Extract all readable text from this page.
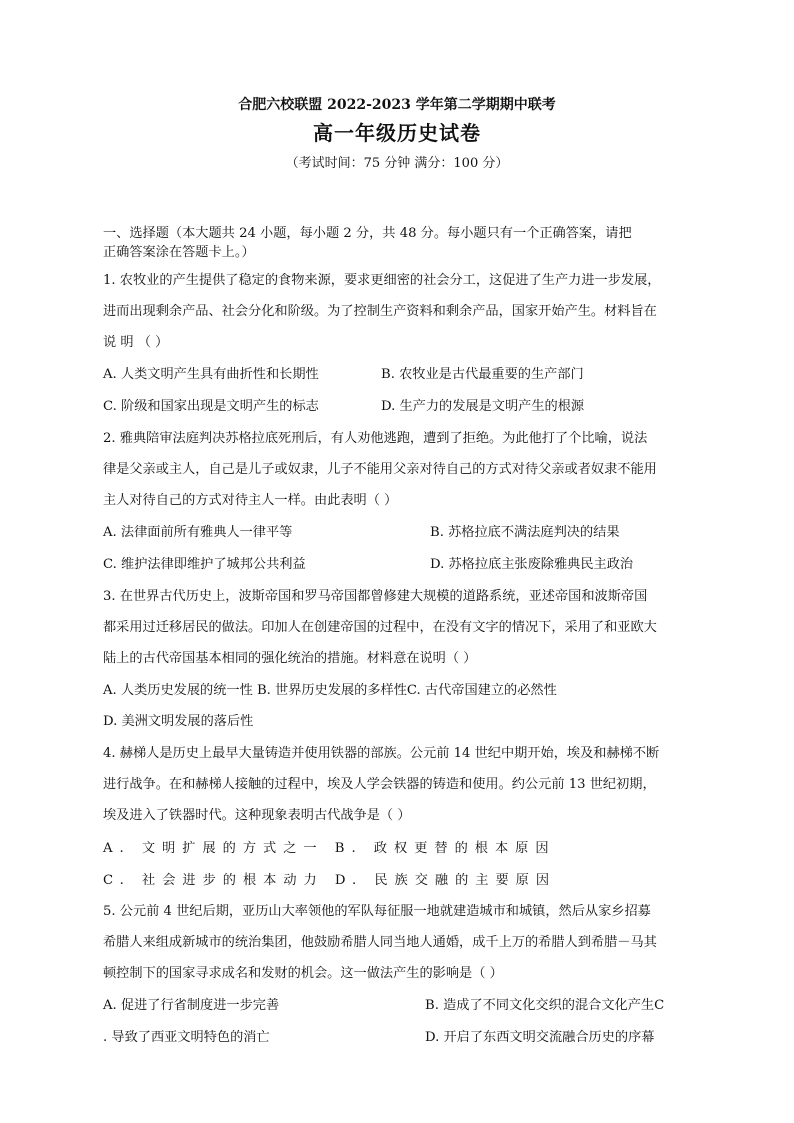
合肥六校联盟 2022-2023 学年第二学期期中联考
高一年级历史试卷
（考试时间：75 分钟 满分：100 分）
一、选择题（本大题共 24 小题，每小题 2 分，共 48 分。每小题只有一个正确答案，请把
正确答案涂在答题卡上。）
1. 农牧业的产生提供了稳定的食物来源，要求更细密的社会分工，这促进了生产力进一步发展，
进而出现剩余产品、社会分化和阶级。为了控制生产资料和剩余产品，国家开始产生。材料旨在
说 明 （ ）
A. 人类文明产生具有曲折性和长期性	B. 农牧业是古代最重要的生产部门
C. 阶级和国家出现是文明产生的标志	D. 生产力的发展是文明产生的根源
2. 雅典陪审法庭判决苏格拉底死刑后，有人劝他逃跑，遭到了拒绝。为此他打了个比喻，说法
律是父亲或主人，自己是儿子或奴隶，儿子不能用父亲对待自己的方式对待父亲或者奴隶不能用
主人对待自己的方式对待主人一样。由此表明（ ）
A. 法律面前所有雅典人一律平等	B. 苏格拉底不满法庭判决的结果
C. 维护法律即维护了城邦公共利益	D. 苏格拉底主张废除雅典民主政治
3. 在世界古代历史上，波斯帝国和罗马帝国都曾修建大规模的道路系统，亚述帝国和波斯帝国
都采用过迁移居民的做法。印加人在创建帝国的过程中，在没有文字的情况下，采用了和亚欧大
陆上的古代帝国基本相同的强化统治的措施。材料意在说明（ ）
A. 人类历史发展的统一性 B. 世界历史发展的多样性C. 古代帝国建立的必然性
D. 美洲文明发展的落后性
4. 赫梯人是历史上最早大量铸造并使用铁器的部族。公元前 14 世纪中期开始，埃及和赫梯不断
进行战争。在和赫梯人接触的过程中，埃及人学会铁器的铸造和使用。约公元前 13 世纪初期，
埃及进入了铁器时代。这种现象表明古代战争是（ ）
A. 文明扩展的方式之一 B. 政权更替的根本原因
C. 社会进步的根本动力 D. 民族交融的主要原因
5. 公元前 4 世纪后期，亚历山大率领他的军队每征服一地就建造城市和城镇，然后从家乡招募
希腊人来组成新城市的统治集团，他鼓励希腊人同当地人通婚，成千上万的希腊人到希腊－马其
顿控制下的国家寻求成名和发财的机会。这一做法产生的影响是（ ）
A. 促进了行省制度进一步完善	B. 造成了不同文化交织的混合文化产生C
. 导致了西亚文明特色的消亡	D. 开启了东西文明交流融合历史的序幕
